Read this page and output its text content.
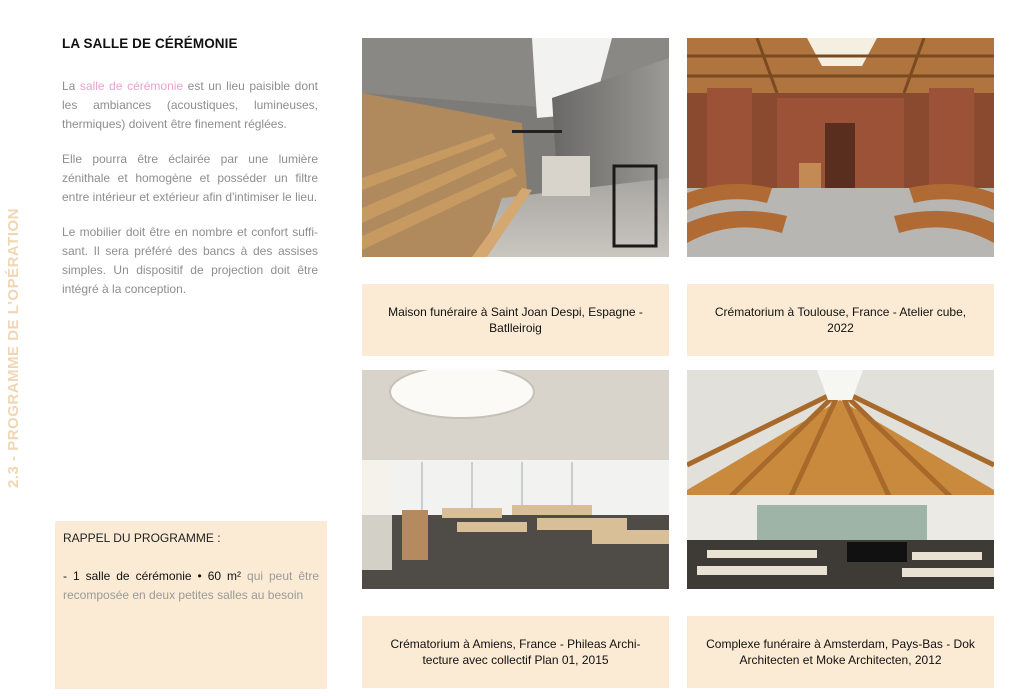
2.3 - PROGRAMME DE L'OPÉRATION
LA SALLE DE CÉRÉMONIE

La salle de cérémonie est un lieu paisible dont les ambiances (acoustiques, lumineuses, thermiques) doivent être finement réglées.

Elle pourra être éclairée par une lumière zénithale et homogène et posséder un filtre entre intérieur et extérieur afin d'intimiser le lieu.

Le mobilier doit être en nombre et confort suffi-sant. Il sera préféré des bancs à des assises simples. Un dispositif de projection doit être intégré à la conception.

RAPPEL DU PROGRAMME :
- 1 salle de cérémonie • 60 m² qui peut être recomposée en deux petites salles au besoin
Maison funéraire à Saint Joan Despi, Espagne - Batlleiroig
Crématorium à Toulouse, France - Atelier cube, 2022
Crématorium à Amiens, France - Phileas Archi-tecture avec collectif Plan 01, 2015
Complexe funéraire à Amsterdam, Pays-Bas - Dok Architecten et Moke Architecten, 2012
